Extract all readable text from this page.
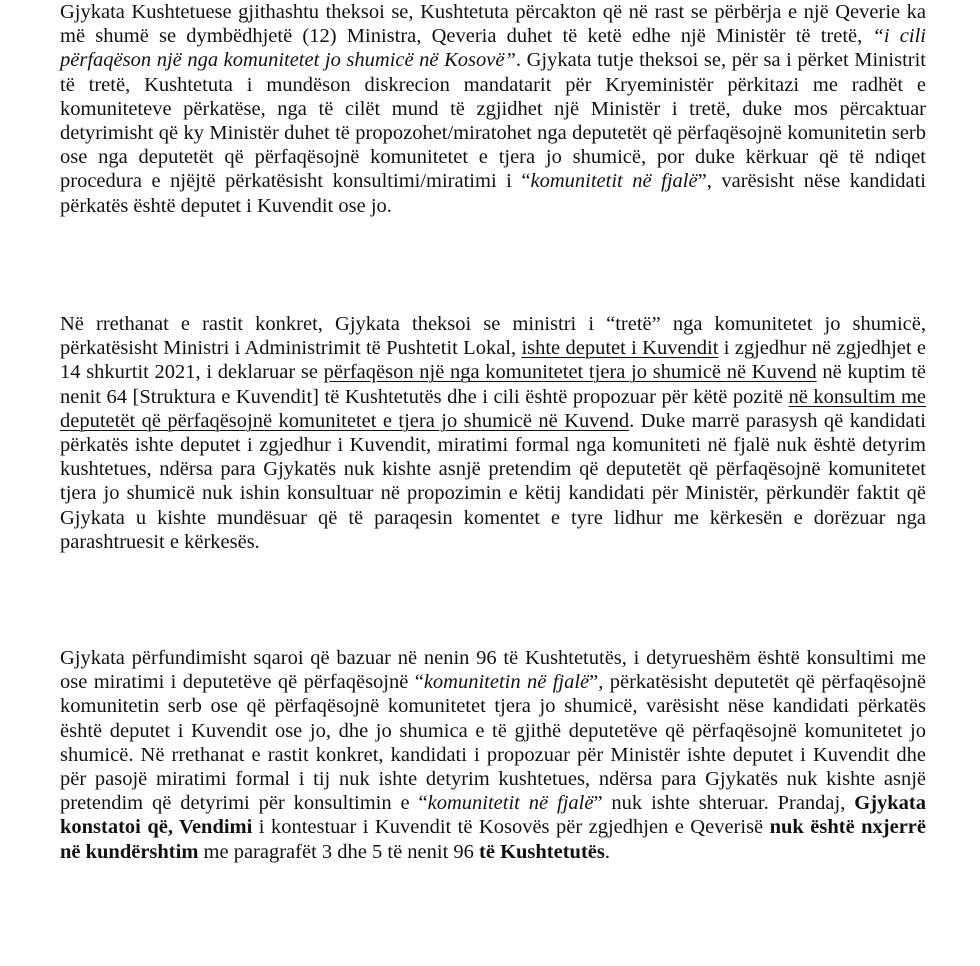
Gjykata Kushtetuese gjithashtu theksoi se, Kushtetuta përcakton që në rast se përbërja e një Qeverie ka më shumë se dymbëdhjetë (12) Ministra, Qeveria duhet të ketë edhe një Ministër të tretë, “i cili përfaqëson një nga komunitetet jo shumicë në Kosovë”. Gjykata tutje theksoi se, për sa i përket Ministrit të tretë, Kushtetuta i mundëson diskrecion mandatarit për Kryeministër përkitazi me radhët e komuniteteve përkatëse, nga të cilët mund të zgjidhet një Ministër i tretë, duke mos përcaktuar detyrimisht që ky Ministër duhet të propozohet/miratohet nga deputetët që përfaqësojnë komunitetin serb ose nga deputetët që përfaqësojnë komunitetet e tjera jo shumicë, por duke kërkuar që të ndiqet procedura e njëjtë përkatësisht konsultimi/miratimi i “komunitetit në fjalë”, varësisht nëse kandidati përkatës është deputet i Kuvendit ose jo.

Në rrethanat e rastit konkret, Gjykata theksoi se ministri i “tretë” nga komunitetet jo shumicë, përkatësisht Ministri i Administrimit të Pushtetit Lokal, ishte deputet i Kuvendit i zgjedhur në zgjedhjet e 14 shkurtit 2021, i deklaruar se përfaqëson një nga komunitetet tjera jo shumicë në Kuvend në kuptim të nenit 64 [Struktura e Kuvendit] të Kushtetutës dhe i cili është propozuar për këtë pozitë në konsultim me deputetët që përfaqësojnë komunitetet e tjera jo shumicë në Kuvend. Duke marrë parasysh që kandidati përkatës ishte deputet i zgjedhur i Kuvendit, miratimi formal nga komuniteti në fjalë nuk është detyrim kushtetues, ndërsa para Gjykatës nuk kishte asnjë pretendim që deputetët që përfaqësojnë komunitetet tjera jo shumicë nuk ishin konsultuar në propozimin e këtij kandidati për Ministër, përkundër faktit që Gjykata u kishte mundësuar që të paraqesin komentet e tyre lidhur me kërkesën e dorëzuar nga parashtruesit e kërkesës.

Gjykata përfundimisht sqaroi që bazuar në nenin 96 të Kushtetutës, i detyrueshëm është konsultimi me ose miratimi i deputetëve që përfaqësojnë “komunitetin në fjalë”, përkatësisht deputetët që përfaqësojnë komunitetin serb ose që përfaqësojnë komunitetet tjera jo shumicë, varësisht nëse kandidati përkatës është deputet i Kuvendit ose jo, dhe jo shumica e të gjithë deputetëve që përfaqësojnë komunitetet jo shumicë. Në rrethanat e rastit konkret, kandidati i propozuar për Ministër ishte deputet i Kuvendit dhe për pasojë miratimi formal i tij nuk ishte detyrim kushtetues, ndërsa para Gjykatës nuk kishte asnjë pretendim që detyrimi për konsultimin e “komunitetit në fjalë” nuk ishte shteruar. Prandaj, Gjykata konstatoi që, Vendimi i kontestuar i Kuvendit të Kosovës për zgjedhjen e Qeverisë nuk është nxjerrë në kundërshtim me paragrafët 3 dhe 5 të nenit 96 të Kushtetutës.
